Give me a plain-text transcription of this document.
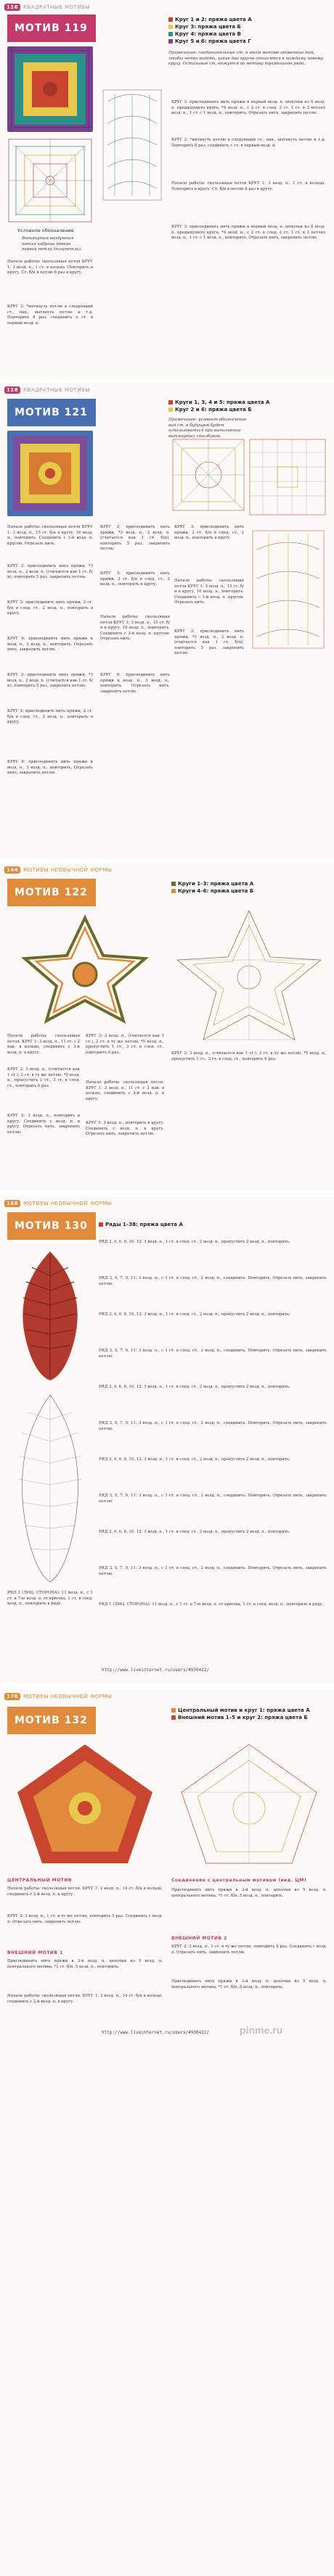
116	КВАДРАТНЫЕ МОТИВЫ
МОТИВ 119
Круг 1 и 2: пряжа цвета А
Круг 3: пряжа цвета Б
Круг 4: пряжа цвета В
Круг 5 и 6: пряжа цвета Г
Примечание: соединительные ст. в этом мотиве отмечены так, чтобы четко видеть, какие два кругов относятся к каждому новому кругу. Остальные ст. вяжутся по мотиву трамплинов ряда.
Условное обозначение
Вытянутая воздушная петля набрана поверх первой петли (полупетли).
Начало работы: скользящая петля КРУГ 1: 3 возд. п., 1 ст. в кольцо. Повторить в кругу. Ст. б/н в петлю 8 раз в кругу.
КРУГ 2: *вытянуть петлю в следующий ст., нак., вытянуть петлю и т.д. Повторить 8 раз, соединить с ст. в первый возд. п.
КРУГ 3: присоединить нить пряжи в первый возд. п. цепочки из 6 возд. п. предыдущего круга, *4 возд. п., с 2 ст. в след. 2 ст. 1 ст. в 3 петлях возд. п., 1 ст. с 1 возд. п., повторить. Отрезать нить, закрепить петлю.
КРУГ 2: *вытянуть петлю в следующий ст., нак., вытянуть петлю и т.д. Повторить 8 раз, соединить с ст. в первый возд. п.
Начало работы: скользящая петля КРУГ 1: 3 возд. п., 1 ст. в кольцо. Повторить в кругу. Ст. б/н в петлю 8 раз в кругу.
КРУГ 3: присоединить нить пряжи в первый возд. п. цепочки из 6 возд. п. предыдущего круга, *4 возд. п., с 2 ст. в след. 2 ст. 1 ст. в 3 петлях возд. п., 1 ст. с 1 возд. п., повторить. Отрезать нить, закрепить петлю.
118	КВАДРАТНЫЕ МОТИВЫ
МОТИВ 121
Круги 1, 3, 4 и 5: пряжа цвета А
Круг 2 и 6: пряжа цвета Б
Примечание: условное обозначение вид ст. в будущем будет использоваться при выполнении вытянутых столбиков.
Начало работы: скользящая петля КРУГ 1: 3 возд. п., 15 ст. б/н в кругу, 16 возд. п., повторить. Соединить с 3-й возд. п. кругом. Отрезать нить.
КРУГ 2: присоединить нить пряжи, *3 возд. п., 2 возд. п. (считается как 1 ст. б/н), повторить 5 раз, закрепить петлю.
КРУГ 3: присоединить нить пряжи, 2 ст. б/н в след. ст., 2 возд. п., повторить в кругу.
КРУГ 6: присоединить нить пряжи к возд. п., 3 возд. п., повторить. Отрезать нить, закрепить петлю.
КРУГ 2: присоединить нить пряжи, *3 возд. п., 2 возд. п. (считается как 1 ст. б/н), повторить 5 раз, закрепить петлю.
КРУГ 3: присоединить нить пряжи, 2 ст. б/н в след. ст., 2 возд. п., повторить в кругу.
КРУГ 6: присоединить нить пряжи к возд. п., 3 возд. п., повторить. Отрезать нить, закрепить петлю.
КРУГ 2: присоединить нить пряжи, *3 возд. п., 2 возд. п. (считается как 1 ст. б/н), повторить 5 раз, закрепить петлю.
КРУГ 3: присоединить нить пряжи, 2 ст. б/н в след. ст., 2 возд. п., повторить в кругу.
Начало работы: скользящая петля КРУГ 1: 3 возд. п., 15 ст. б/н в кругу, 16 возд. п., повторить. Соединить с 3-й возд. п. кругом. Отрезать нить.
КРУГ 6: присоединить нить пряжи к возд. п., 3 возд. п., повторить. Отрезать нить, закрепить петлю.
КРУГ 3: присоединить нить пряжи, 2 ст. б/н в след. ст., 2 возд. п., повторить в кругу.
Начало работы: скользящая петля КРУГ 1: 3 возд. п., 15 ст. б/н в кругу, 16 возд. п., повторить. Соединить с 3-й возд. п. кругом. Отрезать нить.
КРУГ 2: присоединить нить пряжи, *3 возд. п., 2 возд. п. (считается как 1 ст. б/н), повторить 5 раз, закрепить петлю.
144	МОТИВЫ НЕОБЫЧНОЙ ФОРМЫ
МОТИВ 122
Круги 1–3: пряжа цвета А
Круги 4–6: пряжа цвета Б
Начало работы: скользящая петля. КРУГ 1: 3 возд. п., 11 ст. с 2 нак. в кольцо, соединить с 3-й возд. п. в кругу.
КРУГ 2: 3 возд. п., (считается как 1 ст.), 2 ст. в ту же петлю, *5 возд. п., пропустить 1 ст., 3 ст. в след. ст., повторить 6 раз.
КРУГ 5: 3 возд. п., повторить в кругу. Соединить с возд. п. в кругу. Отрезать нить, закрепить петлю.
КРУГ 2: 3 возд. п., (считается как 1 ст.), 2 ст. в ту же петлю, *5 возд. п., пропустить 1 ст., 3 ст. в след. ст., повторить 6 раз.
Начало работы: скользящая петля. КРУГ 1: 3 возд. п., 11 ст. с 2 нак. в кольцо, соединить с 3-й возд. п. в кругу.
КРУГ 5: 3 возд. п., повторить в кругу. Соединить с возд. п. в кругу. Отрезать нить, закрепить петлю.
КРУГ 2: 3 возд. п., (считается как 1 ст.), 2 ст. в ту же петлю, *5 возд. п., пропустить 1 ст., 3 ст. в след. ст., повторить 6 раз.
168	МОТИВЫ НЕОБЫЧНОЙ ФОРМЫ
МОТИВ 130	Ряды 1–38: пряжа цвета А
РЯД 1 (ЛИЦ. СТОРОНА): 11 возд. п., с 1 ст. в 7-ю возд. п. от крючка, 1 ст. в след. возд. п., повторить в ряду.
РЯД 2, 4, 6, 8, 10, 12: 3 возд. п., 1 ст. в след. ст., 2 возд. п., пропустить 2 возд. п., повторить.
РЯД 3, 5, 7, 9, 11: 3 возд. п., с 1 ст. в след. ст., 2 возд. п., соединить. Повторить. Отрезать нить, закрепить петлю.
РЯД 2, 4, 6, 8, 10, 12: 3 возд. п., 1 ст. в след. ст., 2 возд. п., пропустить 2 возд. п., повторить.
РЯД 3, 5, 7, 9, 11: 3 возд. п., с 1 ст. в след. ст., 2 возд. п., соединить. Повторить. Отрезать нить, закрепить петлю.
РЯД 2, 4, 6, 8, 10, 12: 3 возд. п., 1 ст. в след. ст., 2 возд. п., пропустить 2 возд. п., повторить.
РЯД 3, 5, 7, 9, 11: 3 возд. п., с 1 ст. в след. ст., 2 возд. п., соединить. Повторить. Отрезать нить, закрепить петлю.
РЯД 2, 4, 6, 8, 10, 12: 3 возд. п., 1 ст. в след. ст., 2 возд. п., пропустить 2 возд. п., повторить.
РЯД 3, 5, 7, 9, 11: 3 возд. п., с 1 ст. в след. ст., 2 возд. п., соединить. Повторить. Отрезать нить, закрепить петлю.
РЯД 2, 4, 6, 8, 10, 12: 3 возд. п., 1 ст. в след. ст., 2 возд. п., пропустить 2 возд. п., повторить.
РЯД 3, 5, 7, 9, 11: 3 возд. п., с 1 ст. в след. ст., 2 возд. п., соединить. Повторить. Отрезать нить, закрепить петлю.
РЯД 1 (ЛИЦ. СТОРОНА): 11 возд. п., с 1 ст. в 7-ю возд. п. от крючка, 1 ст. в след. возд. п., повторить в ряду.
http://www.liveinternet.ru/users/4930422/
170	МОТИВЫ НЕОБЫЧНОЙ ФОРМЫ
МОТИВ 132
Центральный мотив и круг 1: пряжа цвета А
Внешний мотив 1–5 и круг 2: пряжа цвета Б
ЦЕНТРАЛЬНЫЙ МОТИВ
Начало работы: скользящая петля. КРУГ 1: 2 возд. п., 14 ст. б/н в кольцо, соединить с 2-й возд. п. в кругу.
КРУГ 2: 3 возд. п., 1 ст. в ту же петлю, повторить 5 раз. Соединить с возд. п. Отрезать нить, закрепить петлю.
Соединение с центральным мотивом (вид. ЦМ)
Присоединить нить пряжи к 3-й возд. п. цепочки из 5 возд. п. центрального мотива, *1 ст. б/н, 5 возд. п., повторить.
ВНЕШНИЙ МОТИВ 2
КРУГ 2: 3 возд. п., 1 ст. в ту же петлю, повторить 5 раз. Соединить с возд. п. Отрезать нить, закрепить петлю.
ВНЕШНИЙ МОТИВ 1
Присоединить нить пряжи к 3-й возд. п. цепочки из 5 возд. п. центрального мотива, *1 ст. б/н, 5 возд. п., повторить.
Начало работы: скользящая петля. КРУГ 1: 2 возд. п., 14 ст. б/н в кольцо, соединить с 2-й возд. п. в кругу.
Присоединить нить пряжи к 3-й возд. п. цепочки из 5 возд. п. центрального мотива, *1 ст. б/н, 5 возд. п., повторить.
http://www.liveinternet.ru/users/4930422/	pinme.ru
